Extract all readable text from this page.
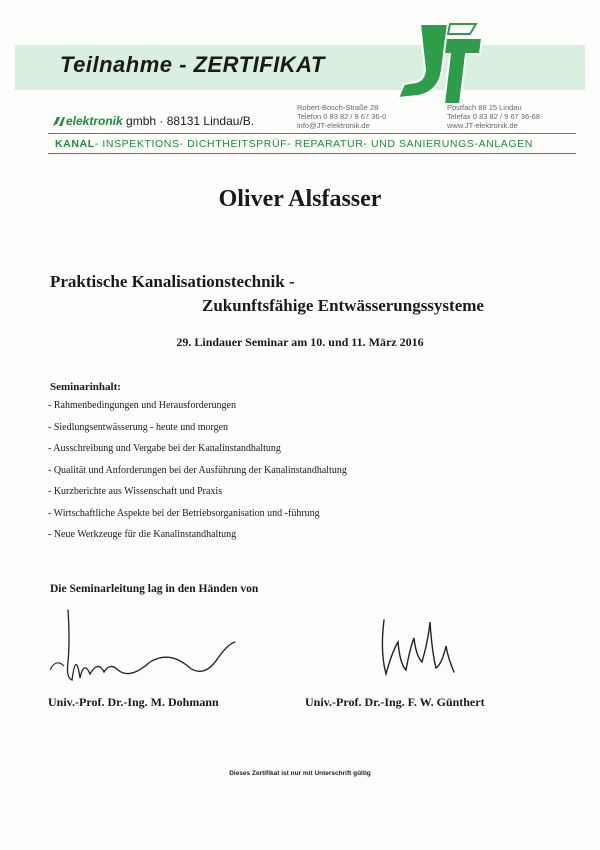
Teilnahme - ZERTIFIKAT
elektronik gmbh · 88131 Lindau/B.
Robert-Bosch-Straße 28
Telefon 0 83 82 / 9 67 36-0
info@JT-elektronik.de
Postfach 88 15 Lindau
Telefax 0 83 82 / 9 67 36-68
www.JT-elektronik.de
KANAL- INSPEKTIONS- DICHTHEITSPRÜF- REPARATUR- UND SANIERUNGS-ANLAGEN
Oliver Alsfasser
Praktische Kanalisationstechnik -
Zukunftsfähige Entwässerungssysteme
29. Lindauer Seminar am 10. und 11. März 2016
Seminarinhalt:
- Rahmenbedingungen und Herausforderungen
- Siedlungsentwässerung - heute und morgen
- Ausschreibung und Vergabe bei der Kanalinstandhaltung
- Qualität und Anforderungen bei der Ausführung der Kanalinstandhaltung
- Kurzberichte aus Wissenschaft und Praxis
- Wirtschaftliche Aspekte bei der Betriebsorganisation und -führung
- Neue Werkzeuge für die Kanalinstandhaltung
Die Seminarleitung lag in den Händen von
Univ.-Prof. Dr.-Ing. M. Dohmann	Univ.-Prof. Dr.-Ing. F. W. Günthert
Dieses Zertifikat ist nur mit Unterschrift gültig
